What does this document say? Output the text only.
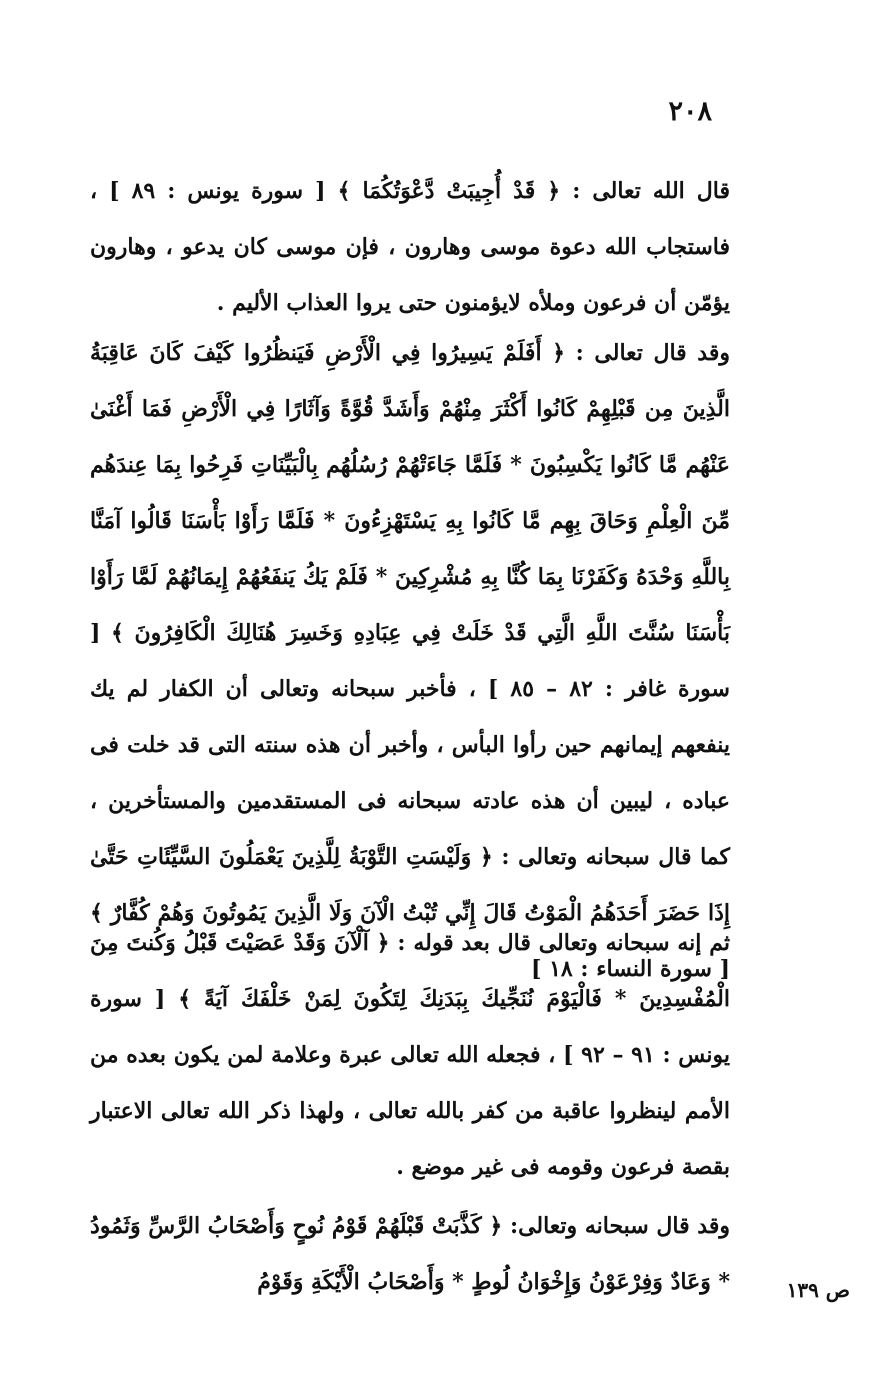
٢٠٨

قال الله تعالى : ﴿ قَدْ أُجِيبَتْ دَّعْوَتُكُمَا ﴾ [ سورة يونس : ٨٩ ] ، فاستجاب الله دعوة موسى وهارون ، فإن موسى كان يدعو ، وهارون يؤمّن أن فرعون وملأه لايؤمنون حتى يروا العذاب الأليم .

وقد قال تعالى : ﴿ أَفَلَمْ يَسِيرُوا فِي الْأَرْضِ فَيَنظُرُوا كَيْفَ كَانَ عَاقِبَةُ الَّذِينَ مِن قَبْلِهِمْ كَانُوا أَكْثَرَ مِنْهُمْ وَأَشَدَّ قُوَّةً وَآثَارًا فِي الْأَرْضِ فَمَا أَغْنَىٰ عَنْهُم مَّا كَانُوا يَكْسِبُونَ * فَلَمَّا جَاءَتْهُمْ رُسُلُهُم بِالْبَيِّنَاتِ فَرِحُوا بِمَا عِندَهُم مِّنَ الْعِلْمِ وَحَاقَ بِهِم مَّا كَانُوا بِهِ يَسْتَهْزِءُونَ * فَلَمَّا رَأَوْا بَأْسَنَا قَالُوا آمَنَّا بِاللَّهِ وَحْدَهُ وَكَفَرْنَا بِمَا كُنَّا بِهِ مُشْرِكِينَ * فَلَمْ يَكُ يَنفَعُهُمْ إِيمَانُهُمْ لَمَّا رَأَوْا بَأْسَنَا سُنَّتَ اللَّهِ الَّتِي قَدْ خَلَتْ فِي عِبَادِهِ وَخَسِرَ هُنَالِكَ الْكَافِرُونَ ﴾ [ سورة غافر : ٨٢ – ٨٥ ] ، فأخبر سبحانه وتعالى أن الكفار لم يك ينفعهم إيمانهم حين رأوا البأس ، وأخبر أن هذه سنته التى قد خلت فى عباده ، ليبين أن هذه عادته سبحانه فى المستقدمين والمستأخرين ، كما قال سبحانه وتعالى : ﴿ وَلَيْسَتِ التَّوْبَةُ لِلَّذِينَ يَعْمَلُونَ السَّيِّئَاتِ حَتَّىٰ إِذَا حَضَرَ أَحَدَهُمُ الْمَوْتُ قَالَ إِنِّي تُبْتُ الْآنَ وَلَا الَّذِينَ يَمُوتُونَ وَهُمْ كُفَّارٌ ﴾ [ سورة النساء : ١٨ ]

ثم إنه سبحانه وتعالى قال بعد قوله : ﴿ آلْآنَ وَقَدْ عَصَيْتَ قَبْلُ وَكُنتَ مِنَ الْمُفْسِدِينَ * فَالْيَوْمَ نُنَجِّيكَ بِبَدَنِكَ لِتَكُونَ لِمَنْ خَلْفَكَ آيَةً ﴾ [ سورة يونس : ٩١ – ٩٢ ] ، فجعله الله تعالى عبرة وعلامة لمن يكون بعده من الأمم لينظروا عاقبة من كفر بالله تعالى ، ولهذا ذكر الله تعالى الاعتبار بقصة فرعون وقومه فى غير موضع .

وقد قال سبحانه وتعالى: ﴿ كَذَّبَتْ قَبْلَهُمْ قَوْمُ نُوحٍ وَأَصْحَابُ الرَّسِّ وَثَمُودُ * وَعَادٌ وَفِرْعَوْنُ وَإِخْوَانُ لُوطٍ * وَأَصْحَابُ الْأَيْكَةِ وَقَوْمُ	ص ١٣٩
